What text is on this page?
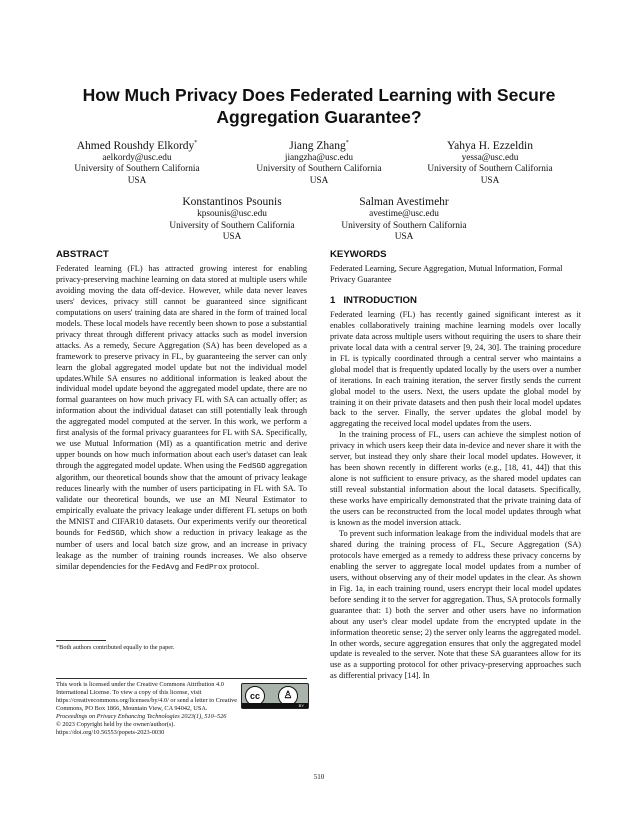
How Much Privacy Does Federated Learning with Secure Aggregation Guarantee?
Ahmed Roushdy Elkordy*
aelkordy@usc.edu
University of Southern California
USA
Jiang Zhang*
jiangzha@usc.edu
University of Southern California
USA
Yahya H. Ezzeldin
yessa@usc.edu
University of Southern California
USA
Konstantinos Psounis
kpsounis@usc.edu
University of Southern California
USA
Salman Avestimehr
avestime@usc.edu
University of Southern California
USA
ABSTRACT

Federated learning (FL) has attracted growing interest for enabling privacy-preserving machine learning on data stored at multiple users while avoiding moving the data off-device. However, while data never leaves users' devices, privacy still cannot be guaranteed since significant computations on users' training data are shared in the form of trained local models. These local models have recently been shown to pose a substantial privacy threat through different privacy attacks such as model inversion attacks. As a remedy, Secure Aggregation (SA) has been developed as a framework to preserve privacy in FL, by guaranteeing the server can only learn the global aggregated model update but not the individual model updates.While SA ensures no additional information is leaked about the individual model update beyond the aggregated model update, there are no formal guarantees on how much privacy FL with SA can actually offer; as information about the individual dataset can still potentially leak through the aggregated model computed at the server. In this work, we perform a first analysis of the formal privacy guarantees for FL with SA. Specifically, we use Mutual Information (MI) as a quantification metric and derive upper bounds on how much information about each user's dataset can leak through the aggregated model update. When using the FedSGD aggregation algorithm, our theoretical bounds show that the amount of privacy leakage reduces linearly with the number of users participating in FL with SA. To validate our theoretical bounds, we use an MI Neural Estimator to empirically evaluate the privacy leakage under different FL setups on both the MNIST and CIFAR10 datasets. Our experiments verify our theoretical bounds for FedSGD, which show a reduction in privacy leakage as the number of users and local batch size grow, and an increase in privacy leakage as the number of training rounds increases. We also observe similar dependencies for the FedAvg and FedProx protocol.

*Both authors contributed equally to the paper.
This work is licensed under the Creative Commons Attribution 4.0 International License. To view a copy of this license, visit https://creativecommons.org/licenses/by/4.0/ or send a letter to Creative Commons, PO Box 1866, Mountain View, CA 94042, USA.
cc	♙
BY
Proceedings on Privacy Enhancing Technologies 2023(1), 510–526
© 2023 Copyright held by the owner/author(s).
https://doi.org/10.56553/popets-2023-0030
KEYWORDS

Federated Learning, Secure Aggregation, Mutual Information, Formal Privacy Guarantee

1 INTRODUCTION

Federated learning (FL) has recently gained significant interest as it enables collaboratively training machine learning models over locally private data across multiple users without requiring the users to share their private local data with a central server [9, 24, 30]. The training procedure in FL is typically coordinated through a central server who maintains a global model that is frequently updated locally by the users over a number of iterations. In each training iteration, the server firstly sends the current global model to the users. Next, the users update the global model by training it on their private datasets and then push their local model updates back to the server. Finally, the server updates the global model by aggregating the received local model updates from the users.

In the training process of FL, users can achieve the simplest notion of privacy in which users keep their data in-device and never share it with the server, but instead they only share their local model updates. However, it has been shown recently in different works (e.g., [18, 41, 44]) that this alone is not sufficient to ensure privacy, as the shared model updates can still reveal substantial information about the local datasets. Specifically, these works have empirically demonstrated that the private training data of the users can be reconstructed from the local model updates through what is known as the model inversion attack.

To prevent such information leakage from the individual models that are shared during the training process of FL, Secure Aggregation (SA) protocols have emerged as a remedy to address these privacy concerns by enabling the server to aggregate local model updates from a number of users, without observing any of their model updates in the clear. As shown in Fig. 1a, in each training round, users encrypt their local model updates before sending it to the server for aggregation. Thus, SA protocols formally guarantee that: 1) both the server and other users have no information about any user's clear model update from the encrypted update in the information theoretic sense; 2) the server only learns the aggregated model. In other words, secure aggregation ensures that only the aggregated model update is revealed to the server. Note that these SA guarantees allow for its use as a supporting protocol for other privacy-preserving approaches such as differential privacy [14]. In

510
